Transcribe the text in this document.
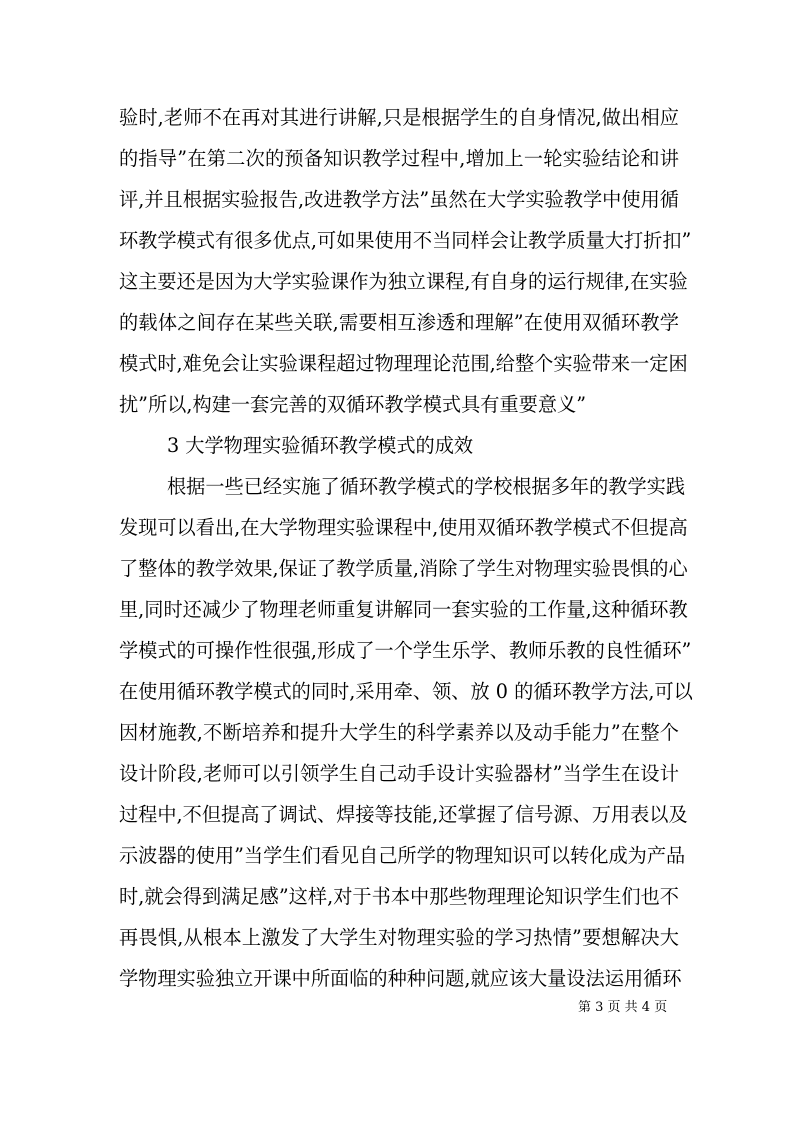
验时,老师不在再对其进行讲解,只是根据学生的自身情况,做出相应
的指导”在第二次的预备知识教学过程中,增加上一轮实验结论和讲
评,并且根据实验报告,改进教学方法”虽然在大学实验教学中使用循
环教学模式有很多优点,可如果使用不当同样会让教学质量大打折扣”
这主要还是因为大学实验课作为独立课程,有自身的运行规律,在实验
的载体之间存在某些关联,需要相互渗透和理解”在使用双循环教学
模式时,难免会让实验课程超过物理理论范围,给整个实验带来一定困
扰”所以,构建一套完善的双循环教学模式具有重要意义”
3 大学物理实验循环教学模式的成效
根据一些已经实施了循环教学模式的学校根据多年的教学实践
发现可以看出,在大学物理实验课程中,使用双循环教学模式不但提高
了整体的教学效果,保证了教学质量,消除了学生对物理实验畏惧的心
里,同时还减少了物理老师重复讲解同一套实验的工作量,这种循环教
学模式的可操作性很强,形成了一个学生乐学、教师乐教的良性循环”
在使用循环教学模式的同时,采用牵、领、放 0 的循环教学方法,可以
因材施教,不断培养和提升大学生的科学素养以及动手能力”在整个
设计阶段,老师可以引领学生自己动手设计实验器材”当学生在设计
过程中,不但提高了调试、焊接等技能,还掌握了信号源、万用表以及
示波器的使用”当学生们看见自己所学的物理知识可以转化成为产品
时,就会得到满足感”这样,对于书本中那些物理理论知识学生们也不
再畏惧,从根本上激发了大学生对物理实验的学习热情”要想解决大
学物理实验独立开课中所面临的种种问题,就应该大量设法运用循环
第 3 页 共 4 页
